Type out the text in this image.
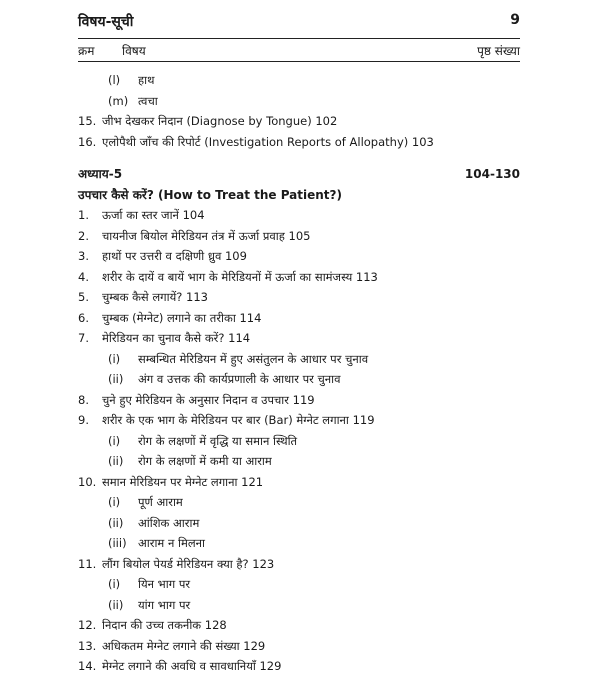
विषय-सूची	9
क्रम विषय	पृष्ठ संख्या
(l)	हाथ
(m) त्वचा
15. जीभ देखकर निदान (Diagnose by Tongue) 102
16. एलोपैथी जाँच की रिपोर्ट (Investigation Reports of Allopathy) 103
अध्याय-5	104-130
उपचार कैसे करें? (How to Treat the Patient?)
1.	ऊर्जा का स्तर जानें 104
2.	चायनीज बियोल मेरिडियन तंत्र में ऊर्जा प्रवाह 105
3.	हाथों पर उत्तरी व दक्षिणी ध्रुव 109
4.	शरीर के दायें व बायें भाग के मेरिडियनों में ऊर्जा का सामंजस्य 113
5.	चुम्बक कैसे लगायें? 113
6.	चुम्बक (मेग्नेट) लगाने का तरीका 114
7.	मेरिडियन का चुनाव कैसे करें? 114
(i)	सम्बन्धित मेरिडियन में हुए असंतुलन के आधार पर चुनाव
(ii)	अंग व उत्तक की कार्यप्रणाली के आधार पर चुनाव
8.	चुने हुए मेरिडियन के अनुसार निदान व उपचार 119
9.	शरीर के एक भाग के मेरिडियन पर बार (Bar) मेग्नेट लगाना 119
(i)	रोग के लक्षणों में वृद्धि या समान स्थिति
(ii)	रोग के लक्षणों में कमी या आराम
10. समान मेरिडियन पर मेग्नेट लगाना 121
(i)	पूर्ण आराम
(ii)	आंशिक आराम
(iii) आराम न मिलना
11. लौंग बियोल पेयर्ड मेरिडियन क्या है? 123
(i)	यिन भाग पर
(ii)	यांग भाग पर
12. निदान की उच्च तकनीक 128
13. अधिकतम मेग्नेट लगाने की संख्या 129
14. मेग्नेट लगाने की अवधि व सावधानियाँ 129
